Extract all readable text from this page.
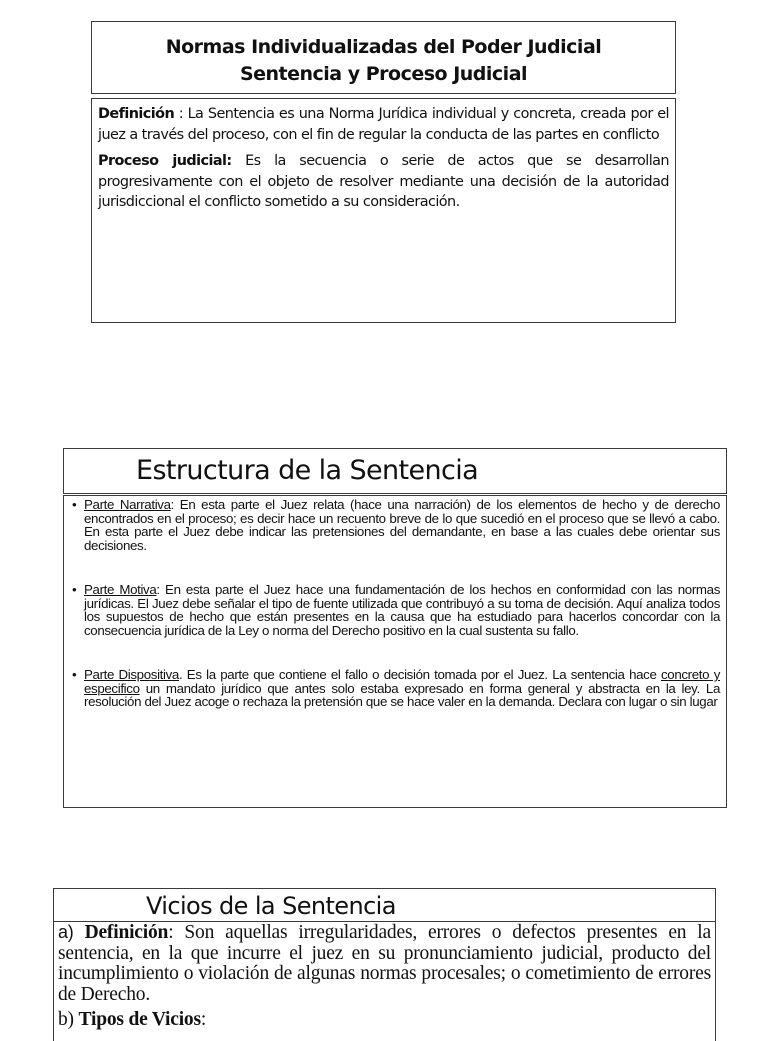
Normas Individualizadas del Poder Judicial
Sentencia y Proceso Judicial

Definición : La Sentencia es una Norma Jurídica individual y concreta, creada por el juez a través del proceso, con el fin de regular la conducta de las partes en conflicto

Proceso judicial: Es la secuencia o serie de actos que se desarrollan progresivamente con el objeto de resolver mediante una decisión de la autoridad jurisdiccional el conflicto sometido a su consideración.

Estructura de la Sentencia
• Parte Narrativa: En esta parte el Juez relata (hace una narración) de los elementos de hecho y de derecho encontrados en el proceso; es decir hace un recuento breve de lo que sucedió en el proceso que se llevó a cabo. En esta parte el Juez debe indicar las pretensiones del demandante, en base a las cuales debe orientar sus decisiones.
• Parte Motiva: En esta parte el Juez hace una fundamentación de los hechos en conformidad con las normas jurídicas. El Juez debe señalar el tipo de fuente utilizada que contribuyó a su toma de decisión. Aquí analiza todos los supuestos de hecho que están presentes en la causa que ha estudiado para hacerlos concordar con la consecuencia jurídica de la Ley o norma del Derecho positivo en la cual sustenta su fallo.
• Parte Dispositiva. Es la parte que contiene el fallo o decisión tomada por el Juez. La sentencia hace concreto y especifico un mandato jurídico que antes solo estaba expresado en forma general y abstracta en la ley. La resolución del Juez acoge o rechaza la pretensión que se hace valer en la demanda. Declara con lugar o sin lugar
Vicios de la Sentencia

a) Definición: Son aquellas irregularidades, errores o defectos presentes en la sentencia, en la que incurre el juez en su pronunciamiento judicial, producto del incumplimiento o violación de algunas normas procesales; o cometimiento de errores de Derecho.

b) Tipos de Vicios:
